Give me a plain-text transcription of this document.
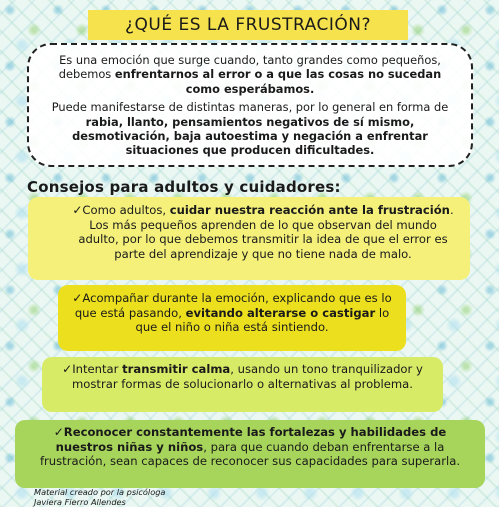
¿QUÉ ES LA FRUSTRACIÓN?

Es una emoción que surge cuando, tanto grandes como pequeños, debemos enfrentarnos al error o a que las cosas no sucedan como esperábamos.

Puede manifestarse de distintas maneras, por lo general en forma de rabia, llanto, pensamientos negativos de sí mismo, desmotivación, baja autoestima y negación a enfrentar situaciones que producen dificultades.

Consejos para adultos y cuidadores:
✓Como adultos, cuidar nuestra reacción ante la frustración. Los más pequeños aprenden de lo que observan del mundo adulto, por lo que debemos transmitir la idea de que el error es parte del aprendizaje y que no tiene nada de malo.
✓Acompañar durante la emoción, explicando que es lo que está pasando, evitando alterarse o castigar lo que el niño o niña está sintiendo.
✓Intentar transmitir calma, usando un tono tranquilizador y mostrar formas de solucionarlo o alternativas al problema.
✓Reconocer constantemente las fortalezas y habilidades de nuestros niñas y niños, para que cuando deban enfrentarse a la frustración, sean capaces de reconocer sus capacidades para superarla.
Material creado por la psicóloga
Javiera Fierro Allendes
